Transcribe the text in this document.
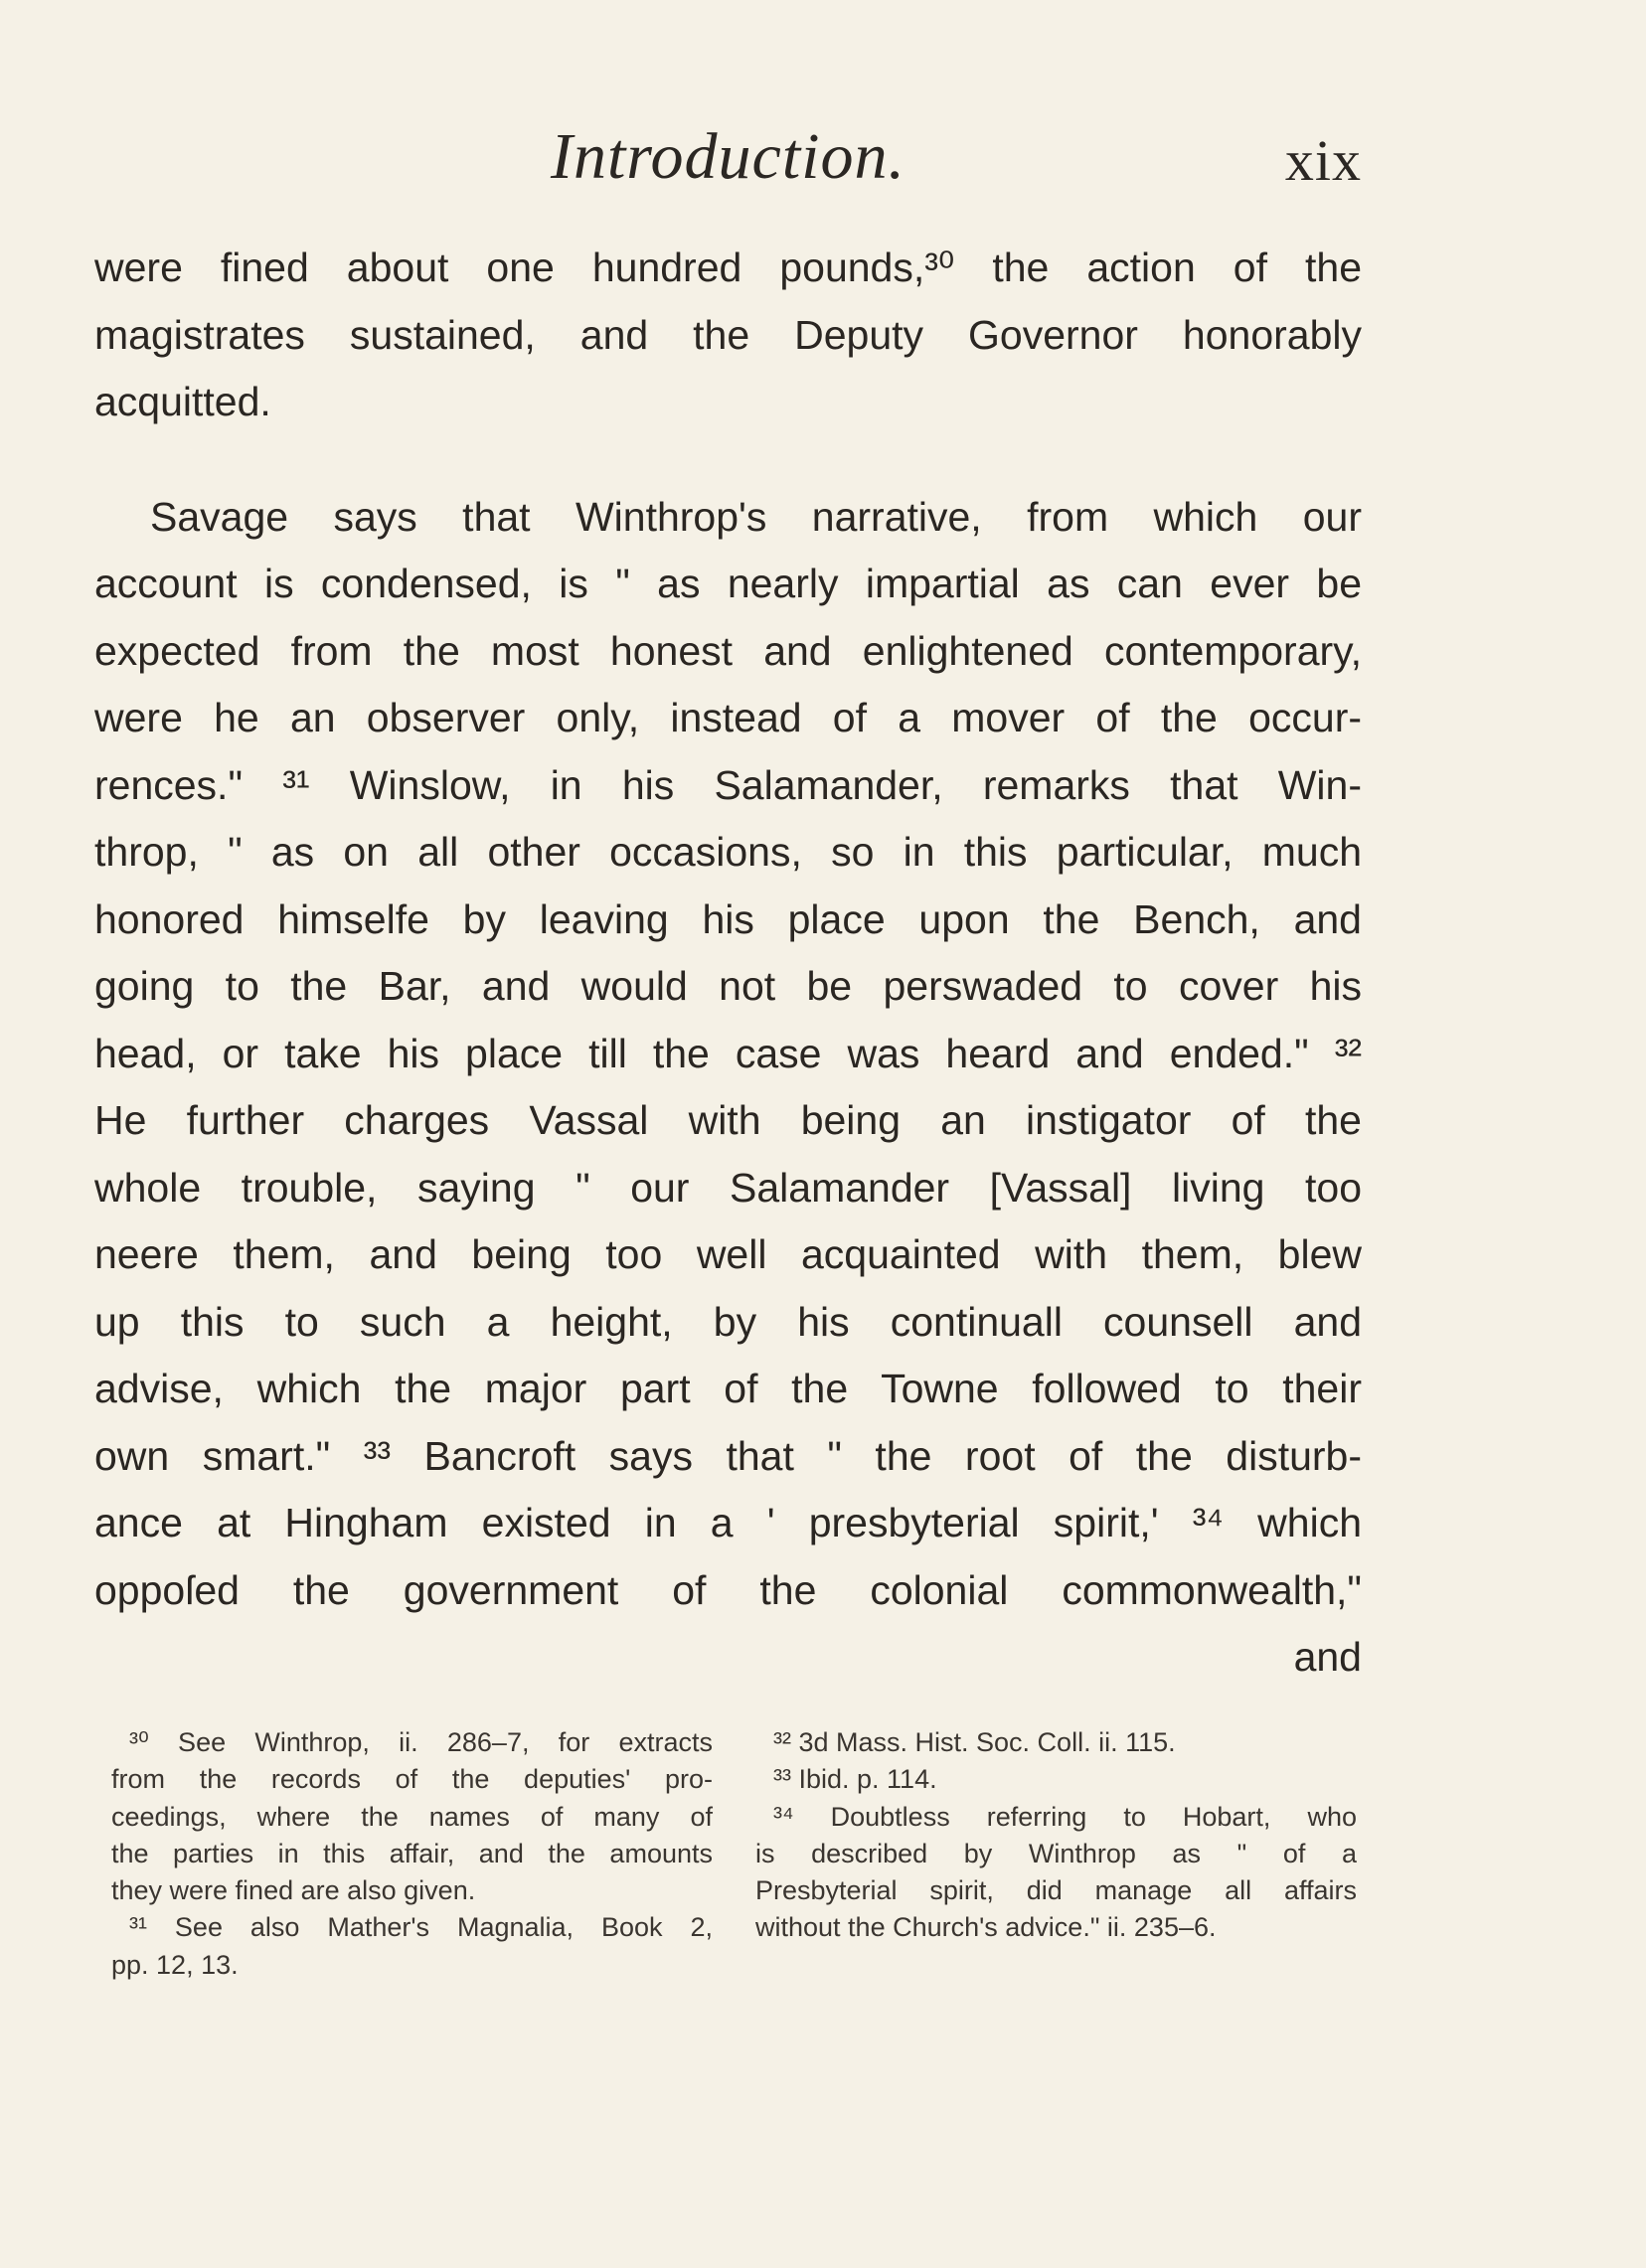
Introduction.	xix
were fined about one hundred pounds,³⁰ the action of the
magistrates sustained, and the Deputy Governor honorably
acquitted.
Savage says that Winthrop's narrative, from which our
account is condensed, is " as nearly impartial as can ever be
expected from the most honest and enlightened contemporary,
were he an observer only, instead of a mover of the occur-
rences." ³¹ Winslow, in his Salamander, remarks that Win-
throp, " as on all other occasions, so in this particular, much
honored himselfe by leaving his place upon the Bench, and
going to the Bar, and would not be perswaded to cover his
head, or take his place till the case was heard and ended." ³²
He further charges Vassal with being an instigator of the
whole trouble, saying " our Salamander [Vassal] living too
neere them, and being too well acquainted with them, blew
up this to such a height, by his continuall counsell and
advise, which the major part of the Towne followed to their
own smart." ³³ Bancroft says that " the root of the disturb-
ance at Hingham existed in a ' presbyterial spirit,' ³⁴ which
oppoſed the government of the colonial commonwealth,"
and
³⁰ See Winthrop, ii. 286–7, for extracts
from the records of the deputies' pro-
ceedings, where the names of many of
the parties in this affair, and the amounts
they were fined are also given.
³¹ See also Mather's Magnalia, Book 2,
pp. 12, 13.
³² 3d Mass. Hist. Soc. Coll. ii. 115.
³³ Ibid. p. 114.
³⁴ Doubtless referring to Hobart, who
is described by Winthrop as " of a
Presbyterial spirit, did manage all affairs
without the Church's advice." ii. 235–6.
